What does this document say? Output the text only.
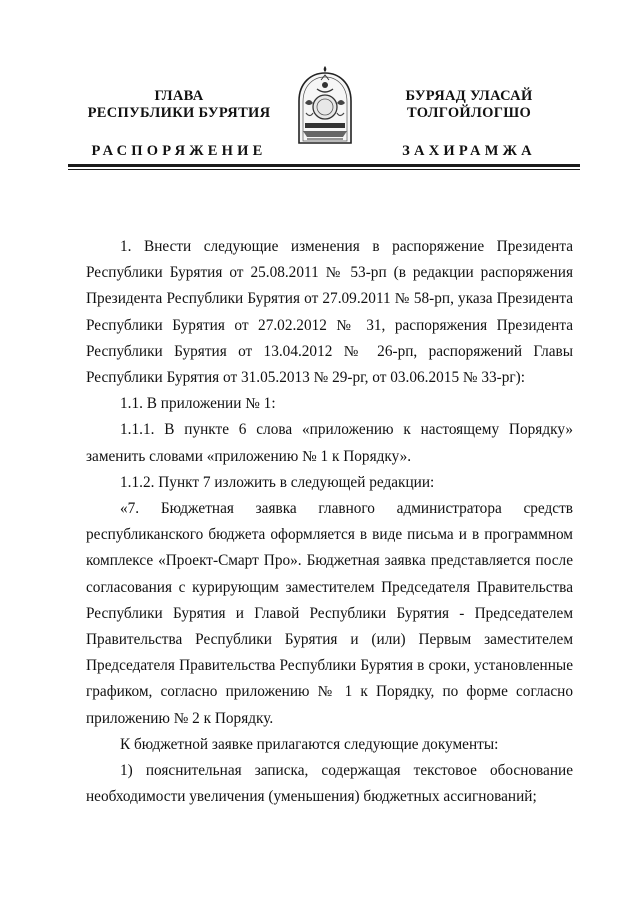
ГЛАВА
РЕСПУБЛИКИ БУРЯТИЯ
РАСПОРЯЖЕНИЕ
БУРЯАД УЛАСАЙ
ТОЛГОЙЛОГШО
ЗАХИРАМЖА

1. Внести следующие изменения в распоряжение Президента Республики Бурятия от 25.08.2011 № 53-рп (в редакции распоряжения Президента Республики Бурятия от 27.09.2011 № 58-рп, указа Президента Республики Бурятия от 27.02.2012 № 31, распоряжения Президента Республики Бурятия от 13.04.2012 № 26-рп, распоряжений Главы Республики Бурятия от 31.05.2013 № 29-рг, от 03.06.2015 № 33-рг):

1.1. В приложении № 1:

1.1.1. В пункте 6 слова «приложению к настоящему Порядку» заменить словами «приложению № 1 к Порядку».

1.1.2. Пункт 7 изложить в следующей редакции:

«7. Бюджетная заявка главного администратора средств республиканского бюджета оформляется в виде письма и в программном комплексе «Проект-Смарт Про». Бюджетная заявка представляется после согласования с курирующим заместителем Председателя Правительства Республики Бурятия и Главой Республики Бурятия - Председателем Правительства Республики Бурятия и (или) Первым заместителем Председателя Правительства Республики Бурятия в сроки, установленные графиком, согласно приложению № 1 к Порядку, по форме согласно приложению № 2 к Порядку.

К бюджетной заявке прилагаются следующие документы:

1) пояснительная записка, содержащая текстовое обоснование необходимости увеличения (уменьшения) бюджетных ассигнований;
